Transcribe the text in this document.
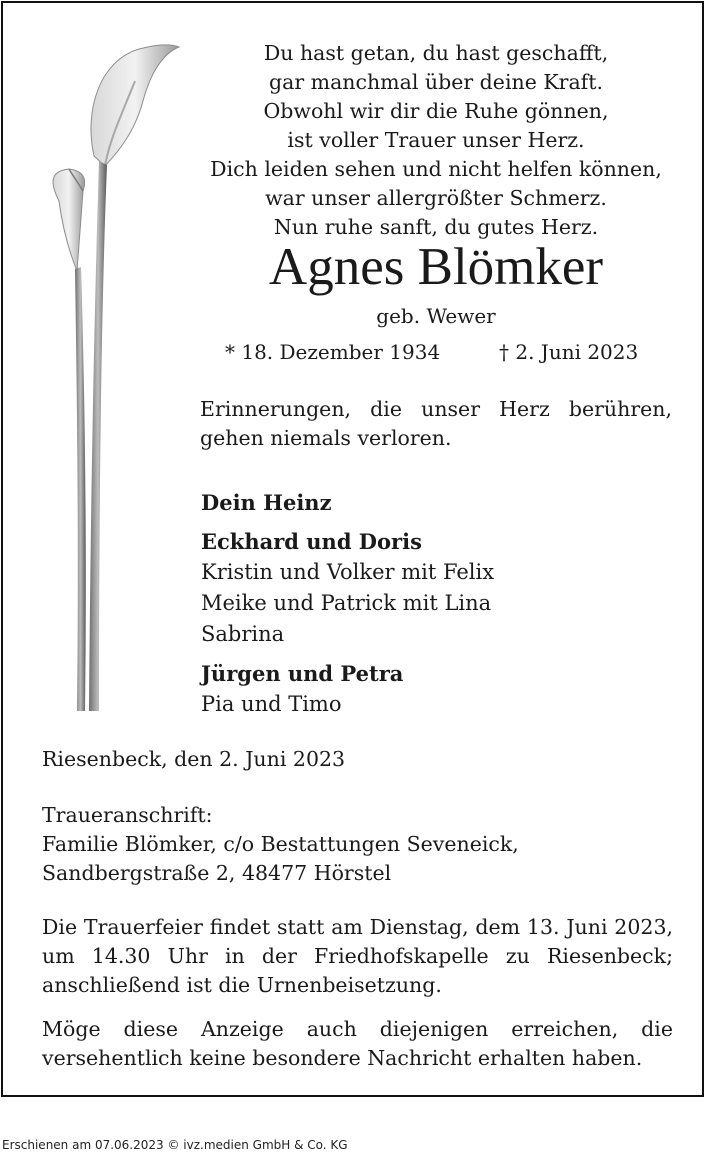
Du hast getan, du hast geschafft,
gar manchmal über deine Kraft.
Obwohl wir dir die Ruhe gönnen,
ist voller Trauer unser Herz.
Dich leiden sehen und nicht helfen können,
war unser allergrößter Schmerz.
Nun ruhe sanft, du gutes Herz.
Agnes Blömker
geb. Wewer
* 18. Dezember 1934	† 2. Juni 2023
Erinnerungen, die unser Herz berühren, gehen niemals verloren.
Dein Heinz
Eckhard und Doris
Kristin und Volker mit Felix
Meike und Patrick mit Lina
Sabrina
Jürgen und Petra
Pia und Timo
Riesenbeck, den 2. Juni 2023
Traueranschrift:
Familie Blömker, c/o Bestattungen Seveneick,
Sandbergstraße 2, 48477 Hörstel
Die Trauerfeier findet statt am Dienstag, dem 13. Juni 2023, um 14.30 Uhr in der Friedhofskapelle zu Riesenbeck; anschließend ist die Urnenbeisetzung.
Möge diese Anzeige auch diejenigen erreichen, die versehentlich keine besondere Nachricht erhalten haben.
Erschienen am 07.06.2023 © ivz.medien GmbH & Co. KG
